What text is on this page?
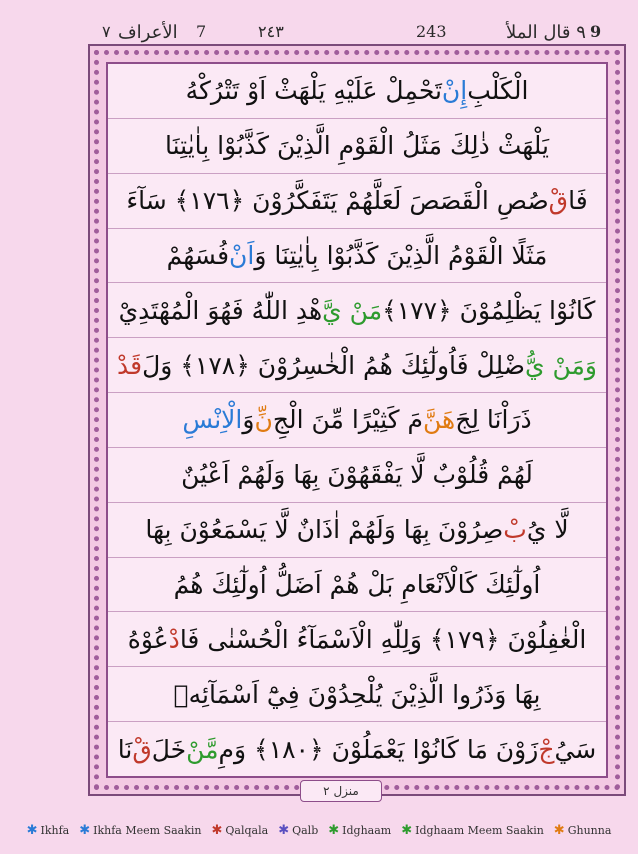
٧ الأعراف 7	٢٤٣	243	٩ قال الملأ	9
الْكَلْبِ
إِنْ
تَحْمِلْ عَلَيْهِ يَلْهَثْ اَوْ تَتْرُكْهُ
يَلْهَثْ ذٰلِكَ مَثَلُ الْقَوْمِ الَّذِيْنَ كَذَّبُوْا بِاٰيٰتِنَا
فَا
قْ
صُصِ الْقَصَصَ لَعَلَّهُمْ يَتَفَكَّرُوْنَ ﴿١٧٦﴾ سَآءَ
مَثَلًا الْقَوْمُ الَّذِيْنَ كَذَّبُوْا بِاٰيٰتِنَا وَ
اَنْ
فُسَهُمْ
كَانُوْا يَظْلِمُوْنَ ﴿١٧٧﴾
مَنْ يَّ
هْدِ اللّٰهُ فَهُوَ الْمُهْتَدِيْ
وَمَنْ يُّ
ضْلِلْ فَاُولٰٓئِكَ هُمُ الْخٰسِرُوْنَ ﴿١٧٨﴾ وَلَ
قَدْ
ذَرَاْنَا لِجَ
هَنَّ
مَ كَثِيْرًا مِّنَ الْجِ
نِّ
وَ
الْاِنْسِ
لَهُمْ قُلُوْبٌ لَّا يَفْقَهُوْنَ بِهَا وَلَهُمْ اَعْيُنٌ
لَّا يُ
بْ
صِرُوْنَ بِهَا وَلَهُمْ اٰذَانٌ لَّا يَسْمَعُوْنَ بِهَا
اُولٰٓئِكَ كَالْاَنْعَامِ بَلْ هُمْ اَضَلُّ اُولٰٓئِكَ هُمُ
الْغٰفِلُوْنَ ﴿١٧٩﴾ وَلِلّٰهِ الْاَسْمَآءُ الْحُسْنٰى فَا
دْ
عُوْهُ
بِهَا وَذَرُوا الَّذِيْنَ يُلْحِدُوْنَ فِيْٓ اَسْمَآئِهٖ
سَيُ
جْ
زَوْنَ مَا كَانُوْا يَعْمَلُوْنَ ﴿١٨٠﴾ وَمِ
مَّنْ
خَلَ
قْ
نَا
منزل ٢
✱ Ikhfa ✱ Ikhfa Meem Saakin ✱ Qalqala ✱ Qalb ✱ Idghaam ✱ Idghaam Meem Saakin ✱ Ghunna
